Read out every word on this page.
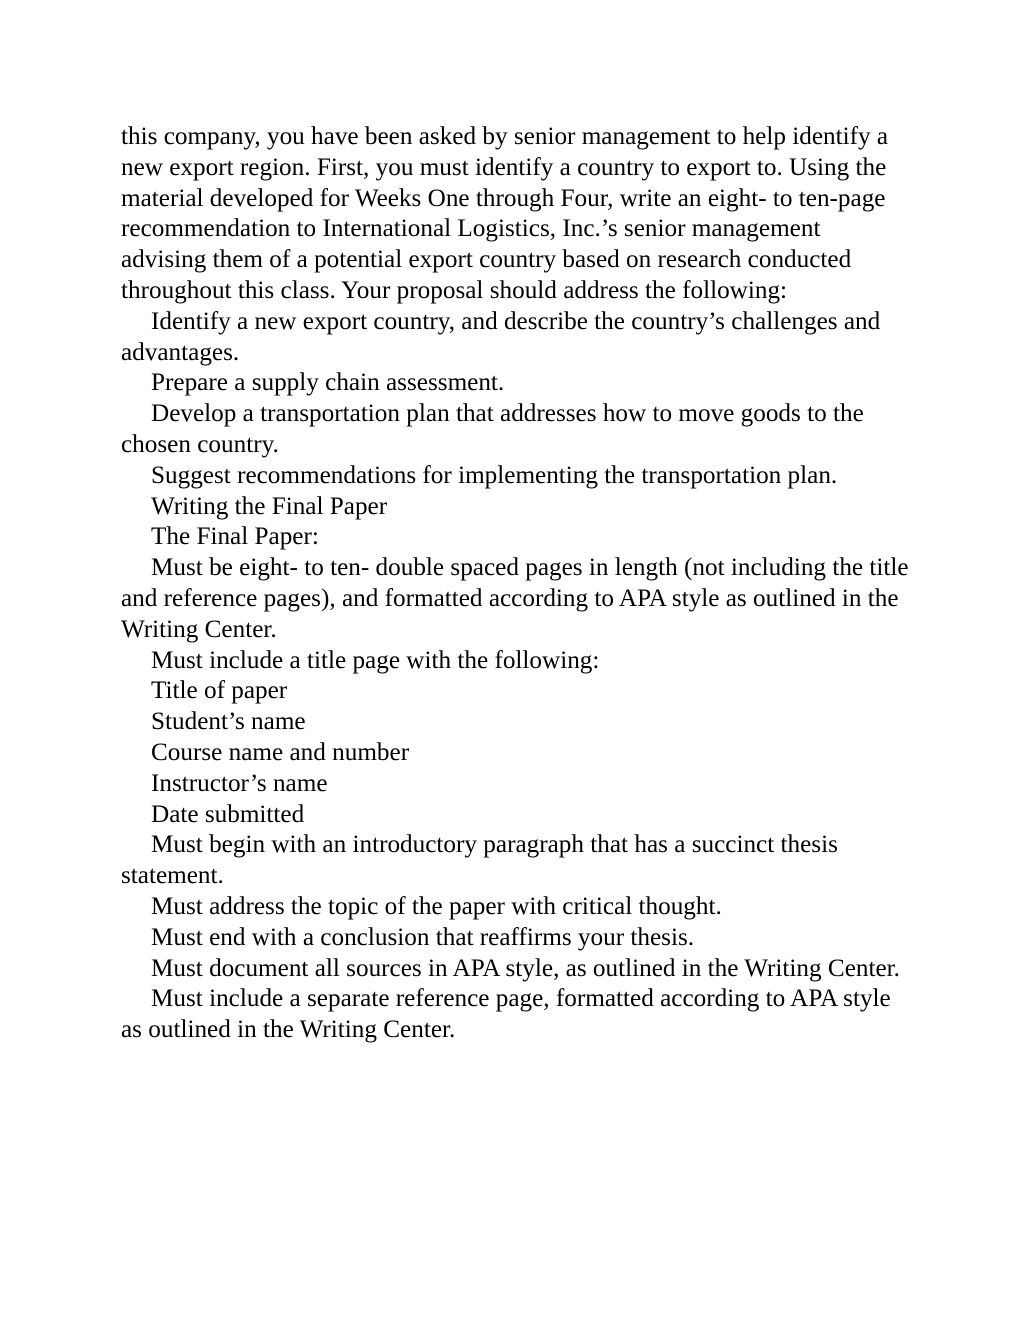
this company, you have been asked by senior management to help identify a new export region. First, you must identify a country to export to. Using the material developed for Weeks One through Four, write an eight- to ten-page recommendation to International Logistics, Inc.’s senior management advising them of a potential export country based on research conducted throughout this class. Your proposal should address the following:

Identify a new export country, and describe the country’s challenges and advantages.

Prepare a supply chain assessment.

Develop a transportation plan that addresses how to move goods to the chosen country.

Suggest recommendations for implementing the transportation plan.

Writing the Final Paper

The Final Paper:

Must be eight- to ten- double spaced pages in length (not including the title and reference pages), and formatted according to APA style as outlined in the Writing Center.

Must include a title page with the following:

Title of paper

Student’s name

Course name and number

Instructor’s name

Date submitted

Must begin with an introductory paragraph that has a succinct thesis statement.

Must address the topic of the paper with critical thought.

Must end with a conclusion that reaffirms your thesis.

Must document all sources in APA style, as outlined in the Writing Center.

Must include a separate reference page, formatted according to APA style as outlined in the Writing Center.
